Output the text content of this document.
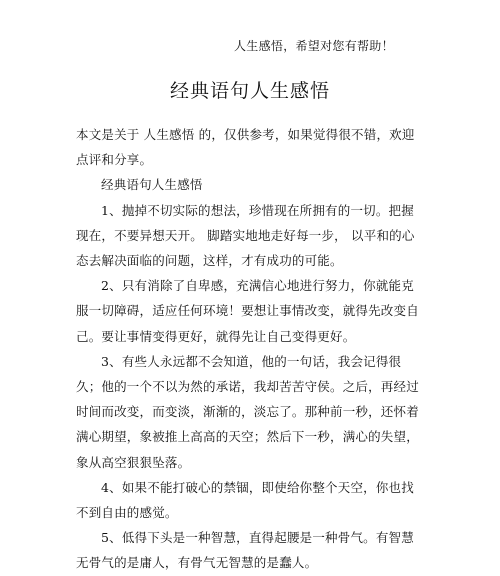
人生感悟，希望对您有帮助！
经典语句人生感悟

本文是关于 人生感悟 的，仅供参考，如果觉得很不错，欢迎点评和分享。

经典语句人生感悟

1、抛掉不切实际的想法，珍惜现在所拥有的一切。把握现在，不要异想天开。 脚踏实地地走好每一步， 以平和的心态去解决面临的问题，这样，才有成功的可能。

2、只有消除了自卑感，充满信心地进行努力，你就能克服一切障碍，适应任何环境！要想让事情改变，就得先改变自己。要让事情变得更好，就得先让自己变得更好。

3、有些人永远都不会知道，他的一句话，我会记得很久；他的一个不以为然的承诺，我却苦苦守侯。之后，再经过时间而改变，而变淡，渐渐的，淡忘了。那种前一秒，还怀着满心期望，象被推上高高的天空；然后下一秒，满心的失望，象从高空狠狠坠落。

4、如果不能打破心的禁锢，即使给你整个天空，你也找不到自由的感觉。

5、低得下头是一种智慧，直得起腰是一种骨气。有智慧无骨气的是庸人，有骨气无智慧的是蠢人。
